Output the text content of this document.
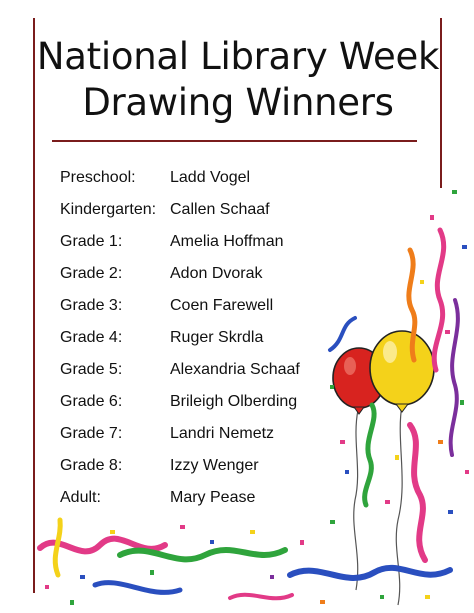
National Library Week
Drawing Winners
Preschool: Ladd Vogel
Kindergarten: Callen Schaaf
Grade 1:	Amelia Hoffman
Grade 2:	Adon Dvorak
Grade 3:	Coen Farewell
Grade 4:	Ruger Skrdla
Grade 5:	Alexandria Schaaf
Grade 6:	Brileigh Olberding
Grade 7:	Landri Nemetz
Grade 8:	Izzy Wenger
Adult:	Mary Pease
